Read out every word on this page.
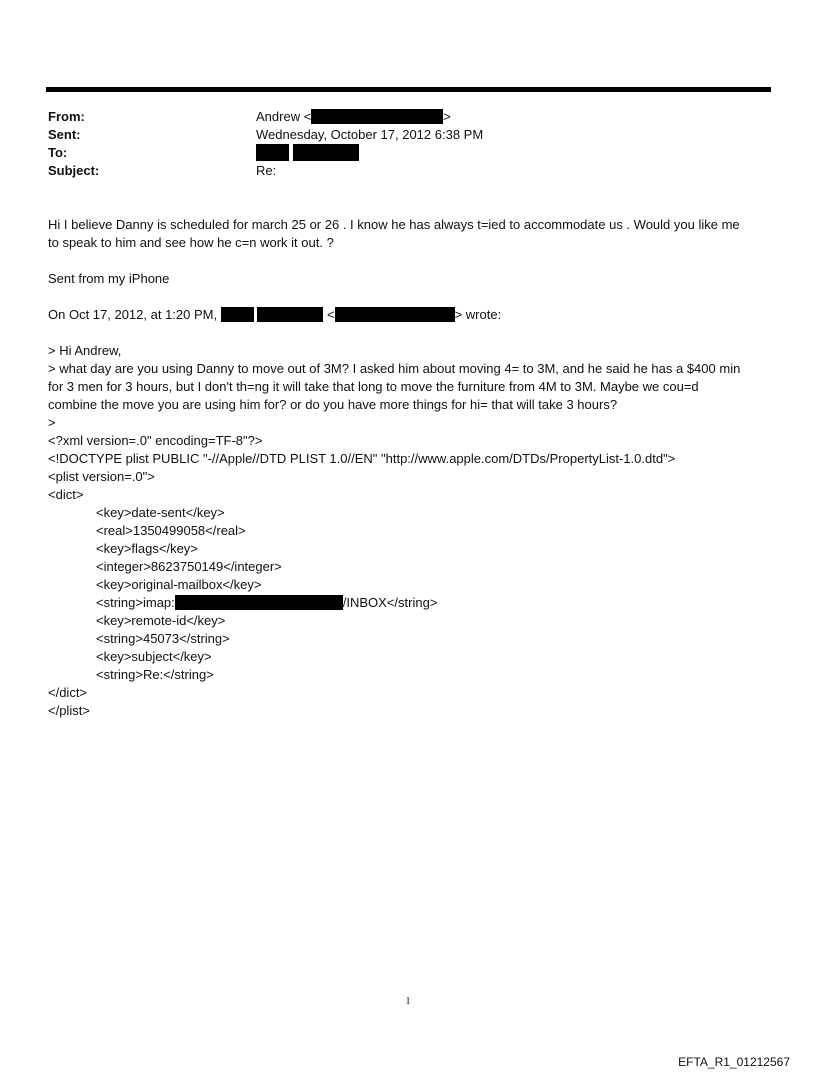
From:	Andrew <	>
Sent:	Wednesday, October 17, 2012 6:38 PM
To:

Subject:	Re:

Hi I believe Danny is scheduled for march 25 or 26 . I know he has always t=ied to accommodate us . Would you like me

to speak to him and see how he c=n work it out. ?

Sent from my iPhone

On Oct 17, 2012, at 1:20 PM,	<	> wrote:

> Hi Andrew,

> what day are you using Danny to move out of 3M? I asked him about moving 4= to 3M, and he said he has a $400 min

for 3 men for 3 hours, but I don't th=ng it will take that long to move the furniture from 4M to 3M. Maybe we cou=d

combine the move you are using him for? or do you have more things for hi= that will take 3 hours?

>

<?xml version=.0" encoding=TF-8"?>

<!DOCTYPE plist PUBLIC "-//Apple//DTD PLIST 1.0//EN" "http://www.apple.com/DTDs/PropertyList-1.0.dtd">

<plist version=.0">

<dict>

<key>date-sent</key>

<real>1350499058</real>

<key>flags</key>

<integer>8623750149</integer>

<key>original-mailbox</key>

<string>imap:	/INBOX</string>

<key>remote-id</key>

<string>45073</string>

<key>subject</key>

<string>Re:</string>

</dict>

</plist>

1
EFTA_R1_01212567
